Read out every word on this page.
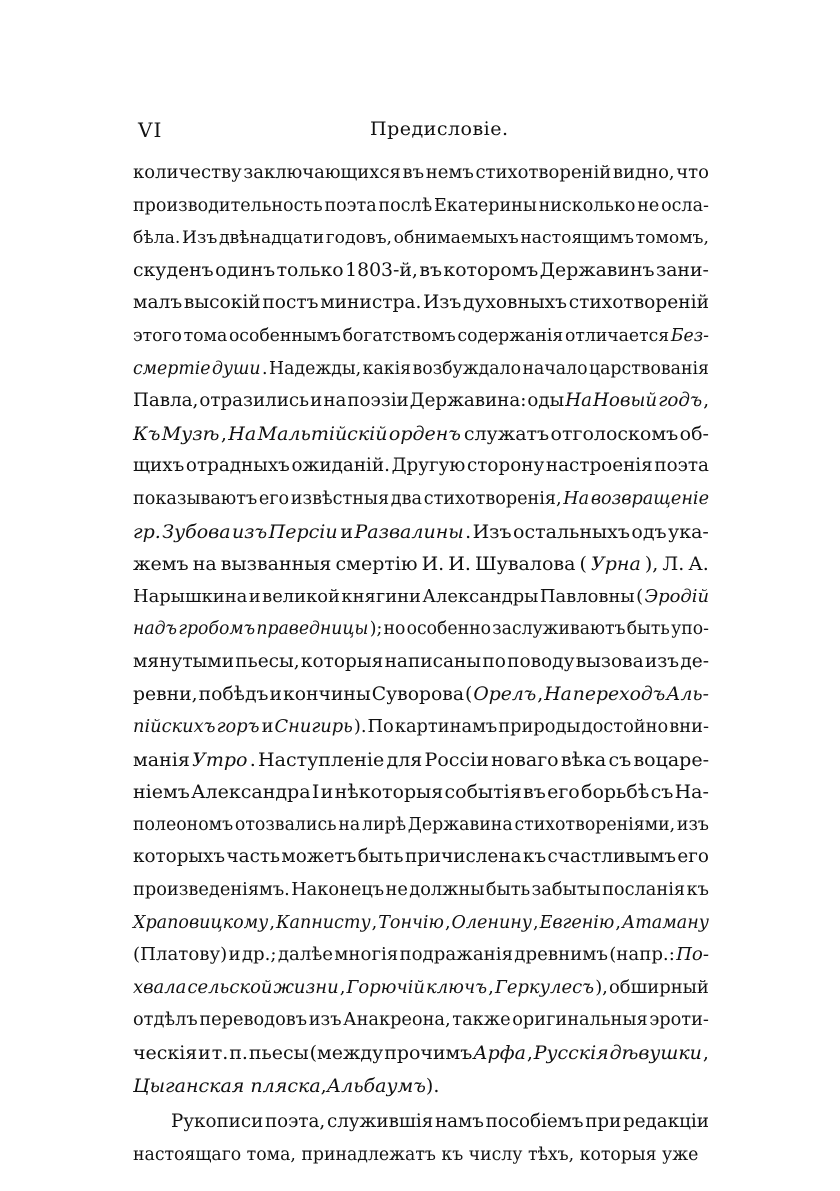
VI	Предисловіе.
количеству заключающихся въ немъ стихотвореній видно, что
производительность поэта послѣ Екатерины нисколько не осла-
бѣла. Изъ двѣнадцати годовъ, обнимаемыхъ настоящимъ томомъ,
скуденъ одинъ только 1803-й, въ которомъ Державинъ зани-
малъ высокій постъ министра. Изъ духовныхъ стихотвореній
этого тома особеннымъ богатствомъ содержанія отличается Без-
смертіе души . Надежды, какія возбуждало начало царствованія
Павла, отразились и на поэзіи Державина: оды На Новый годъ ,
Къ Музѣ , На Мальтійскій орденъ служатъ отголоскомъ об-
щихъ отрадныхъ ожиданій. Другую сторону настроенія поэта
показываютъ его извѣстныя два стихотворенія, На возвращеніе
гр. Зубова изъ Персіи и Развалины . Изъ остальныхъ одъ ука-
жемъ на вызванныя смертію И. И. Шувалова ( Урна ), Л. А.
Нарышкина и великой княгини Александры Павловны ( Эродій
надъ гробомъ праведницы ); но особенно заслуживаютъ быть упо-
мянутыми пьесы, которыя написаны по поводу вызова изъ де-
ревни, побѣдъ и кончины Суворова ( Орелъ , На переходъ Аль-
пійскихъ горъ и Снигирь ). По картинамъ природы достойно вни-
манія Утро . Наступленіе для Россіи новаго вѣка съ воцаре-
ніемъ Александра I и нѣкоторыя событія въ его борьбѣ съ На-
полеономъ отозвались на лирѣ Державина стихотвореніями, изъ
которыхъ часть можетъ быть причислена къ счастливымъ его
произведеніямъ. Наконецъ не должны быть забыты посланія къ
Храповицкому , Капнисту , Тончію , Оленину , Евгенію , Атаману
(Платову) и др.; далѣе многія подражанія древнимъ (напр.: По-
хвала сельской жизни , Горючій ключъ , Геркулесъ ), обширный
отдѣлъ переводовъ изъ Анакреона, также оригинальныя эроти-
ческія и т. п. пьесы (между прочимъ Арфа , Русскія дѣвушки ,
Цыганская пляска , Альбаумъ ).
Рукописи поэта, служившія намъ пособіемъ при редакціи
настоящаго тома, принадлежатъ къ числу тѣхъ, которыя уже
